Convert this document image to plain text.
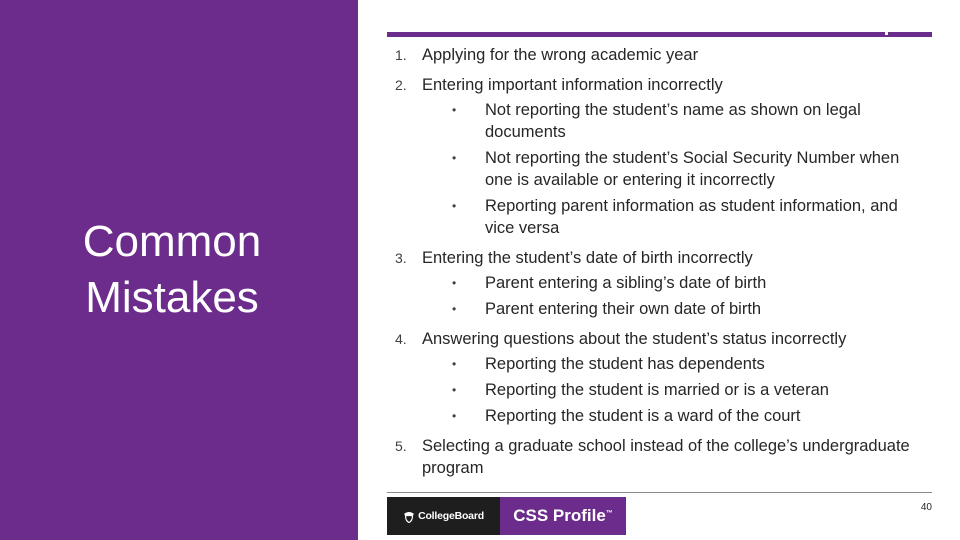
Common
Mistakes
1. Applying for the wrong academic year
2. Entering important information incorrectly
• Not reporting the student’s name as shown on legal documents
• Not reporting the student’s Social Security Number when one is available or entering it incorrectly
• Reporting parent information as student information, and vice versa
3. Entering the student’s date of birth incorrectly
• Parent entering a sibling’s date of birth
• Parent entering their own date of birth
4. Answering questions about the student’s status incorrectly
• Reporting the student has dependents
• Reporting the student is married or is a veteran
• Reporting the student is a ward of the court
5. Selecting a graduate school instead of the college’s undergraduate program
CollegeBoard CSS Profile ™	40
